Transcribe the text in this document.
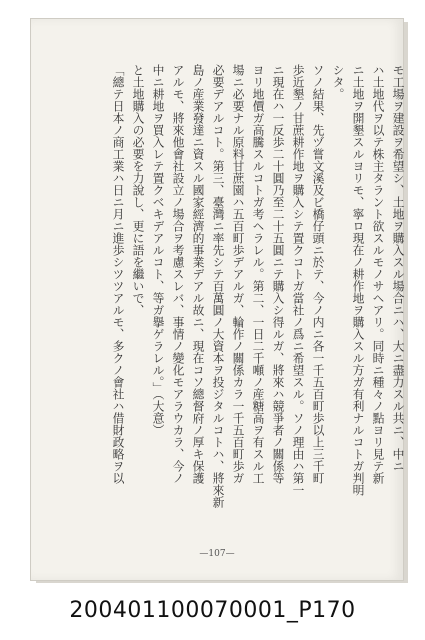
モ工場ヲ建設ヲ希望シ、土地ヲ購入スル場合ニハ、大ニ盡力スル共ニ、中ニ
ハ土地代ヲ以テ株主タラント欲スルモノサヘアリ。同時ニ種々ノ點ヨリ見テ新
ニ土地ヲ開墾スルヨリモ、寧ロ現在ノ耕作地ヲ購入スル方ガ有利ナルコトガ判明
シタ。
ソノ結果、先ヅ嘗文溪及ビ橋仔頭ニ於テ、今ノ内ニ各一千五百町歩以上三千町
歩近墾ノ甘蔗耕作地ヲ購入シテ置クコトガ當社ノ爲ニ希望スル。ソノ理由ハ第一
ニ現在ハ一反歩二十圓乃至二十五圓ニテ購入シ得ルガ、將來ハ競爭者ノ關係等
ヨリ地價ガ高騰スルコトガ考ヘラレル。第二、一日二千噸ノ産糖高ヲ有スル工
場ニ必要ナル原料甘蔗園ハ五百町歩デアルガ、輪作ノ關係カラ一千五百町歩ガ
必要デアルコト。第三、臺灣ニ率先シテ百萬圓ノ大資本ヲ投ジタルコトハ、將來新
島ノ産業發達ニ資スル國家經濟的事業デアル故ニ、現在コソ總督府ノ厚キ保護
アルモ、將來他會社設立ノ場合ヲ考慮スレバ、事情ノ變化モアラウカラ、今ノ
中ニ耕地ヲ買入レテ置クベキデアルコト、等ガ擧ゲラレル。」（大意）
と土地購入の必要を力說し、更に語を繼いで、
「總テ日本ノ商工業ハ日ニ月ニ進歩シツツアルモ、多クノ會社ハ借財政略ヲ以
—107—
200401100070001_P170
